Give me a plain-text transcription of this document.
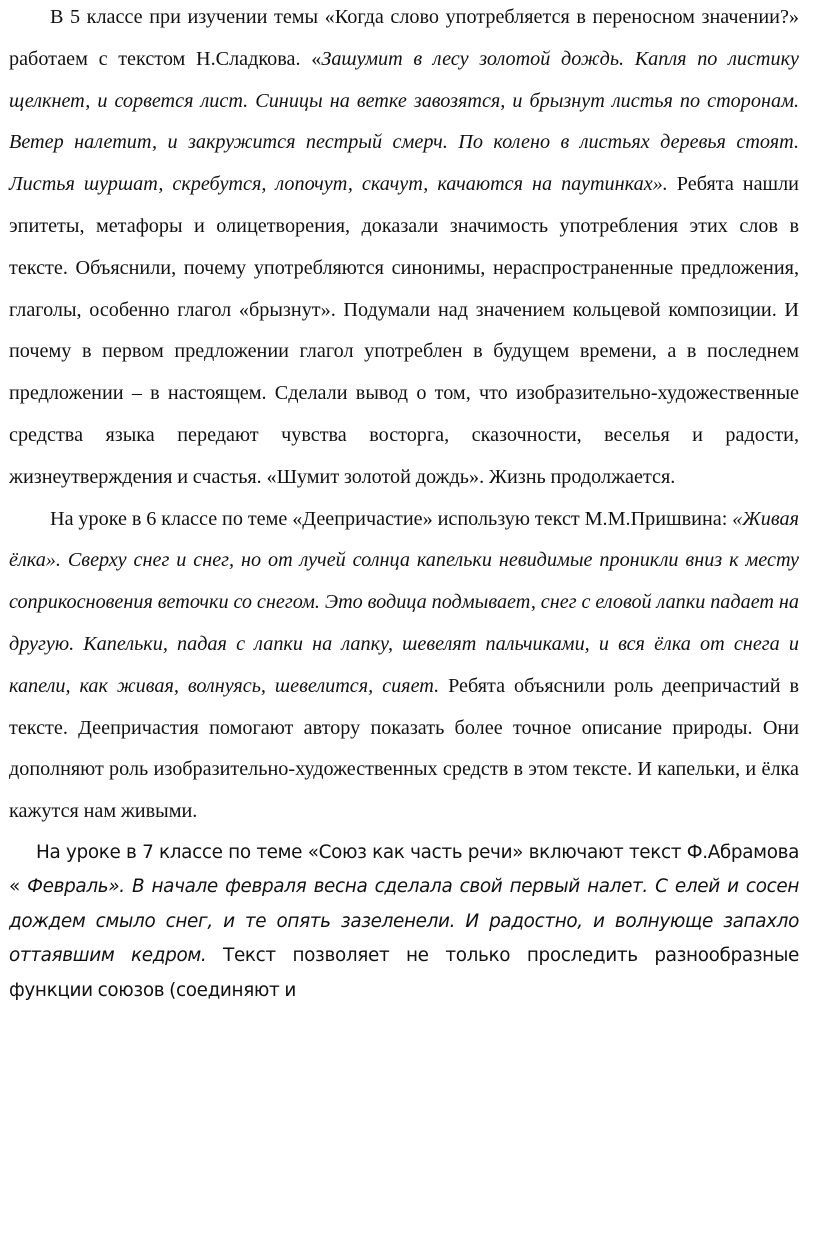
В 5 классе при изучении темы «Когда слово употребляется в переносном значении?» работаем с текстом Н.Сладкова. «Зашумит в лесу золотой дождь. Капля по листику щелкнет, и сорвется лист. Синицы на ветке завозятся, и брызнут листья по сторонам. Ветер налетит, и закружится пестрый смерч. По колено в листьях деревья стоят. Листья шуршат, скребутся, лопочут, скачут, качаются на паутинках». Ребята нашли эпитеты, метафоры и олицетворения, доказали значимость употребления этих слов в тексте. Объяснили, почему употребляются синонимы, нераспространенные предложения, глаголы, особенно глагол «брызнут». Подумали над значением кольцевой композиции. И почему в первом предложении глагол употреблен в будущем времени, а в последнем предложении – в настоящем. Сделали вывод о том, что изобразительно-художественные средства языка передают чувства восторга, сказочности, веселья и радости, жизнеутверждения и счастья. «Шумит золотой дождь». Жизнь продолжается.

На уроке в 6 классе по теме «Деепричастие» использую текст М.М.Пришвина: «Живая ёлка». Сверху снег и снег, но от лучей солнца капельки невидимые проникли вниз к месту соприкосновения веточки со снегом. Это водица подмывает, снег с еловой лапки падает на другую. Капельки, падая с лапки на лапку, шевелят пальчиками, и вся ёлка от снега и капели, как живая, волнуясь, шевелится, сияет. Ребята объяснили роль деепричастий в тексте. Деепричастия помогают автору показать более точное описание природы. Они дополняют роль изобразительно-художественных средств в этом тексте. И капельки, и ёлка кажутся нам живыми.

На уроке в 7 классе по теме «Союз как часть речи» включают текст Ф.Абрамова « Февраль». В начале февраля весна сделала свой первый налет. С елей и сосен дождем смыло снег, и те опять зазеленели. И радостно, и волнующе запахло оттаявшим кедром. Текст позволяет не только проследить разнообразные функции союзов (соединяют и
